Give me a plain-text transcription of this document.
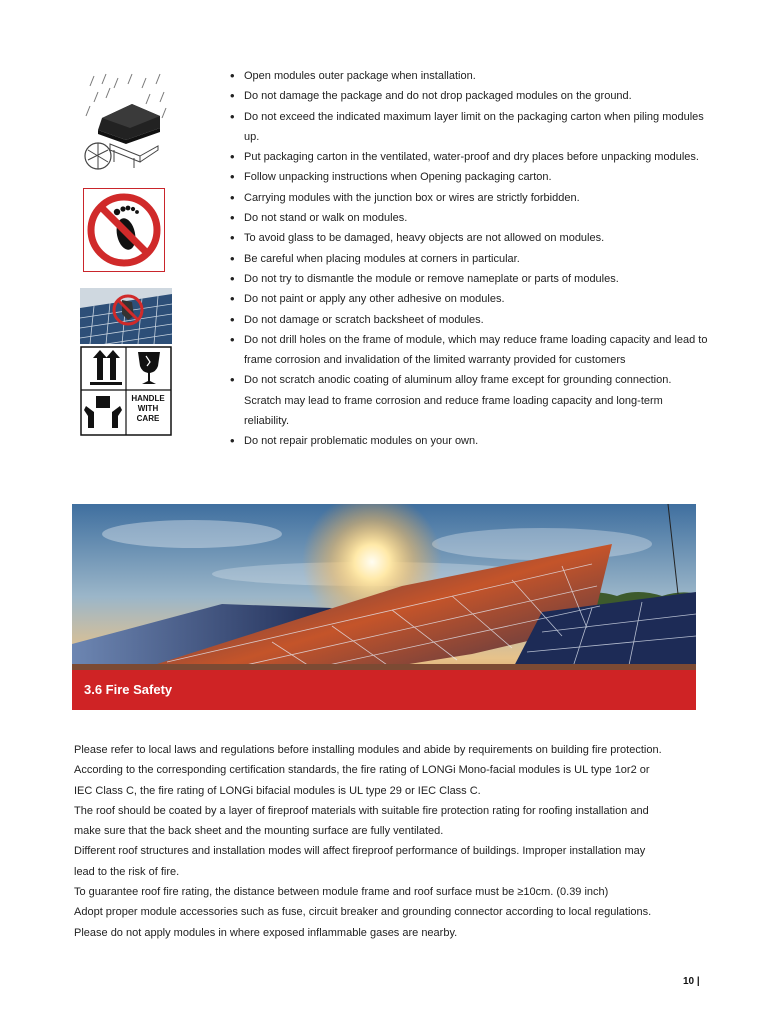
HANDLE WITH CARE
• Open modules outer package when installation.
• Do not damage the package and do not drop packaged modules on the ground.
• Do not exceed the indicated maximum layer limit on the packaging carton when piling modules up.
• Put packaging carton in the ventilated, water-proof and dry places before unpacking modules.
• Follow unpacking instructions when Opening packaging carton.
• Carrying modules with the junction box or wires are strictly forbidden.
• Do not stand or walk on modules.
• To avoid glass to be damaged, heavy objects are not allowed on modules.
• Be careful when placing modules at corners in particular.
• Do not try to dismantle the module or remove nameplate or parts of modules.
• Do not paint or apply any other adhesive on modules.
• Do not damage or scratch backsheet of modules.
• Do not drill holes on the frame of module, which may reduce frame loading capacity and lead to frame corrosion and invalidation of the limited warranty provided for customers
• Do not scratch anodic coating of aluminum alloy frame except for grounding connection. Scratch may lead to frame corrosion and reduce frame loading capacity and long-term reliability.
• Do not repair problematic modules on your own.
3.6 Fire Safety

Please refer to local laws and regulations before installing modules and abide by requirements on building fire protection.

According to the corresponding certification standards, the fire rating of LONGi Mono-facial modules is UL type 1or2 or

IEC Class C, the fire rating of LONGi bifacial modules is UL type 29 or IEC Class C.

The roof should be coated by a layer of fireproof materials with suitable fire protection rating for roofing installation and

make sure that the back sheet and the mounting surface are fully ventilated.

Different roof structures and installation modes will affect fireproof performance of buildings. Improper installation may

lead to the risk of fire.

To guarantee roof fire rating, the distance between module frame and roof surface must be ≥10cm. (0.39 inch)

Adopt proper module accessories such as fuse, circuit breaker and grounding connector according to local regulations.

Please do not apply modules in where exposed inflammable gases are nearby.

10 |
